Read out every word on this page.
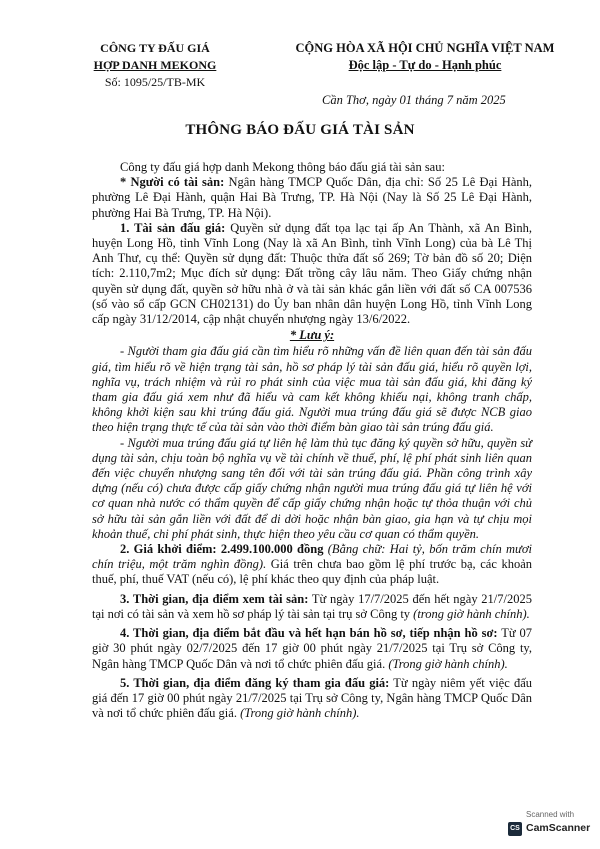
CÔNG TY ĐẤU GIÁ
HỢP DANH MEKONG
Số: 1095/25/TB-MK
CỘNG HÒA XÃ HỘI CHỦ NGHĨA VIỆT NAM
Độc lập - Tự do - Hạnh phúc
Cần Thơ, ngày 01 tháng 7 năm 2025
THÔNG BÁO ĐẤU GIÁ TÀI SẢN

Công ty đấu giá hợp danh Mekong thông báo đấu giá tài sản sau:

* Người có tài sản: Ngân hàng TMCP Quốc Dân, địa chỉ: Số 25 Lê Đại Hành, phường Lê Đại Hành, quận Hai Bà Trưng, TP. Hà Nội (Nay là Số 25 Lê Đại Hành, phường Hai Bà Trưng, TP. Hà Nội).

1. Tài sản đấu giá: Quyền sử dụng đất tọa lạc tại ấp An Thành, xã An Bình, huyện Long Hồ, tỉnh Vĩnh Long (Nay là xã An Bình, tỉnh Vĩnh Long) của bà Lê Thị Anh Thư, cụ thể: Quyền sử dụng đất: Thuộc thửa đất số 269; Tờ bản đồ số 20; Diện tích: 2.110,7m2; Mục đích sử dụng: Đất trồng cây lâu năm. Theo Giấy chứng nhận quyền sử dụng đất, quyền sở hữu nhà ở và tài sản khác gắn liền với đất số CA 007536 (số vào sổ cấp GCN CH02131) do Ủy ban nhân dân huyện Long Hồ, tỉnh Vĩnh Long cấp ngày 31/12/2014, cập nhật chuyển nhượng ngày 13/6/2022.

* Lưu ý:

- Người tham gia đấu giá cần tìm hiểu rõ những vấn đề liên quan đến tài sản đấu giá, tìm hiểu rõ về hiện trạng tài sản, hồ sơ pháp lý tài sản đấu giá, hiểu rõ quyền lợi, nghĩa vụ, trách nhiệm và rủi ro phát sinh của việc mua tài sản đấu giá, khi đăng ký tham gia đấu giá xem như đã hiểu và cam kết không khiếu nại, không tranh chấp, không khởi kiện sau khi trúng đấu giá. Người mua trúng đấu giá sẽ được NCB giao theo hiện trạng thực tế của tài sản vào thời điểm bàn giao tài sản trúng đấu giá.

- Người mua trúng đấu giá tự liên hệ làm thủ tục đăng ký quyền sở hữu, quyền sử dụng tài sản, chịu toàn bộ nghĩa vụ về tài chính về thuế, phí, lệ phí phát sinh liên quan đến việc chuyển nhượng sang tên đối với tài sản trúng đấu giá. Phần công trình xây dựng (nếu có) chưa được cấp giấy chứng nhận người mua trúng đấu giá tự liên hệ với cơ quan nhà nước có thẩm quyền để cấp giấy chứng nhận hoặc tự thỏa thuận với chủ sở hữu tài sản gắn liền với đất để di dời hoặc nhận bàn giao, gia hạn và tự chịu mọi khoản thuế, chi phí phát sinh, thực hiện theo yêu cầu cơ quan có thẩm quyền.

2. Giá khởi điểm: 2.499.100.000 đồng (Bằng chữ: Hai tỷ, bốn trăm chín mươi chín triệu, một trăm nghìn đồng). Giá trên chưa bao gồm lệ phí trước bạ, các khoản thuế, phí, thuế VAT (nếu có), lệ phí khác theo quy định của pháp luật.

3. Thời gian, địa điểm xem tài sản: Từ ngày 17/7/2025 đến hết ngày 21/7/2025 tại nơi có tài sản và xem hồ sơ pháp lý tài sản tại trụ sở Công ty (trong giờ hành chính).

4. Thời gian, địa điểm bắt đầu và hết hạn bán hồ sơ, tiếp nhận hồ sơ: Từ 07 giờ 30 phút ngày 02/7/2025 đến 17 giờ 00 phút ngày 21/7/2025 tại Trụ sở Công ty, Ngân hàng TMCP Quốc Dân và nơi tổ chức phiên đấu giá. (Trong giờ hành chính).

5. Thời gian, địa điểm đăng ký tham gia đấu giá: Từ ngày niêm yết việc đấu giá đến 17 giờ 00 phút ngày 21/7/2025 tại Trụ sở Công ty, Ngân hàng TMCP Quốc Dân và nơi tổ chức phiên đấu giá. (Trong giờ hành chính).

Scanned with
CS CamScanner
